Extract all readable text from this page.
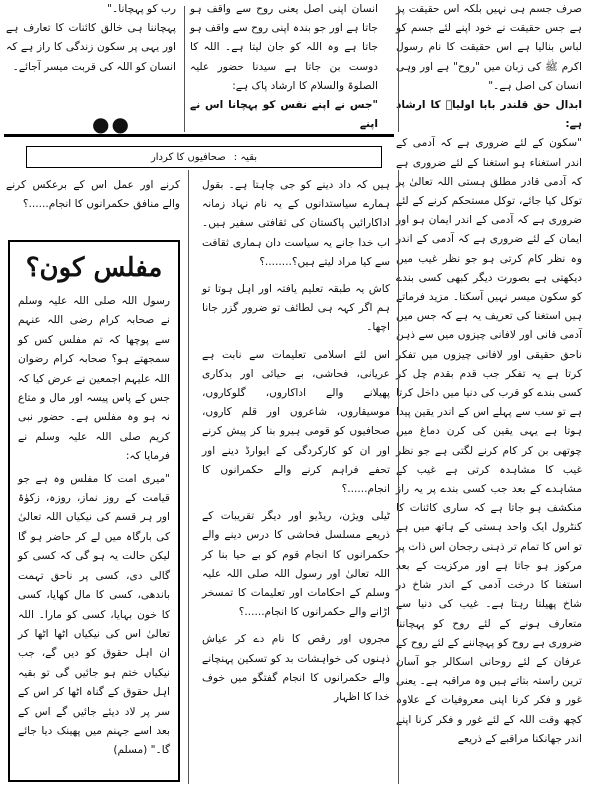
صرف جسم ہی نہیں بلکہ اس حقیقت پر ہے جس حقیقت نے خود اپنے لئے جسم کو لباس بنالیا ہے اس حقیقت کا نام رسول اکرم ﷺ کی زبان میں "روح" ہے اور وہی انسان کی اصل ہے۔"

ابدال حق قلندر بابا اولیاؒ کا ارشاد ہے:

"سکون کے لئے ضروری ہے کہ آدمی کے اندر استغناء ہو استغنا کے لئے ضروری ہے کہ آدمی قادر مطلق ہستی اللہ تعالیٰ پر توکل کیا جائے، توکل مستحکم کرنے کے لئے ضروری ہے کہ آدمی کے اندر ایمان ہو اور ایمان کے لئے ضروری ہے کہ آدمی کے اندر وہ نظر کام کرتی ہو جو نظر غیب میں دیکھتی ہے بصورت دیگر کبھی کسی بندے کو سکون میسر نہیں آسکتا۔ مزید فرماتے ہیں استغنا کی تعریف یہ ہے کہ جس میں آدمی فانی اور لافانی چیزوں میں سے ذہن ناحق حقیقی اور لافانی چیزوں میں تفکر کرتا ہے یہ تفکر جب قدم بقدم چل کر کسی بندے کو قرب کی دنیا میں داخل کرتا ہے تو سب سے پہلے اس کے اندر یقین پیدا ہوتا ہے یہی یقین کی کرن دماغ میں چوتھی بن کر کام کرنے لگتی ہے جو نظر غیب کا مشاہدہ کرتی ہے غیب کے مشاہدے کے بعد جب کسی بندے پر یہ راز منکشف ہو جاتا ہے کہ ساری کائنات کا کنٹرول ایک واحد ہستی کے ہاتھ میں ہے تو اس کا تمام تر ذہنی رجحان اس ذات پر مرکوز ہو جاتا ہے اور مرکزیت کے بعد استغنا کا درخت آدمی کے اندر شاخ در شاخ پھیلتا رہتا ہے۔ غیب کی دنیا سے متعارف ہونے کے لئے روح کو پہچاننا ضروری ہے روح کو پہچاننے کے لئے روح کے عرفان کے لئے روحانی اسکالر جو آسان ترین راستہ بتاتے ہیں وہ مراقبہ ہے۔ یعنی غور و فکر کرنا اپنی معروفیات کے علاوہ کچھ وقت اللہ کے لئے غور و فکر کرنا اپنے اندر جھانکنا مراقبے کے ذریعے

انسان اپنی اصل یعنی روح سے واقف ہو جاتا ہے اور جو بندہ اپنی روح سے واقف ہو جاتا ہے وہ اللہ کو جان لیتا ہے۔ اللہ کا دوست بن جاتا ہے سیدنا حضور علیہ الصلوۃ والسلام کا ارشاد پاک ہے:

"جس نے اپنے نفس کو پہچانا اس نے اپنے

رب کو پہچانا۔"

پہچاننا ہی خالق کائنات کا تعارف ہے اور یہی پر سکون زندگی کا راز ہے کہ انسان کو اللہ کی قربت میسر آجائے۔

●●
بقیہ :
صحافیوں کا کردار

ہیں کہ داد دینے کو جی چاہتا ہے۔ بقول ہمارے سیاستدانوں کے یہ نام نہاد زمانہ اداکارائیں پاکستان کی ثقافتی سفیر ہیں۔ اب خدا جانے یہ سیاست دان ہماری ثقافت سے کیا مراد لیتے ہیں؟........؟

کاش یہ طبقہ تعلیم یافتہ اور اہل ہوتا تو ہم اگر کہہ ہی لطائف تو ضرور گزر جانا اچھا۔

اس لئے اسلامی تعلیمات سے نابت ہے عریانی، فحاشی، بے حیائی اور بدکاری پھیلانے والے اداکاروں، گلوکاروں، موسیقاروں، شاعروں اور قلم کاروں، صحافیوں کو قومی ہیرو بنا کر پیش کرنے اور ان کو کارکردگی کے ایوارڈ دینے اور تحفے فراہم کرنے والے حکمرانوں کا انجام......؟

ٹیلی ویژن، ریڈیو اور دیگر تقریبات کے ذریعے مسلسل فحاشی کا درس دینے والے حکمرانوں کا انجام قوم کو بے حیا بنا کر اللہ تعالیٰ اور رسول اللہ صلی اللہ علیہ وسلم کے احکامات اور تعلیمات کا تمسخر اڑانے والے حکمرانوں کا انجام......؟

مجروں اور رقص کا نام دے کر عیاش ذہنوں کی خواہشات بد کو تسکین پہنچانے والے حکمرانوں کا انجام گفتگو میں خوف خدا کا اظہار

کرنے اور عمل اس کے برعکس کرنے والے منافق حکمرانوں کا انجام......؟

مفلس کون؟

رسول اللہ صلی اللہ علیہ وسلم نے صحابہ کرام رضی اللہ عنہم سے پوچھا کہ تم مفلس کس کو سمجھتے ہو؟ صحابہ کرام رضوان اللہ علیہم اجمعین نے عرض کیا کہ جس کے پاس پیسہ اور مال و متاع نہ ہو وہ مفلس ہے۔ حضور نبی کریم صلی اللہ علیہ وسلم نے فرمایا کہ:

"میری امت کا مفلس وہ ہے جو قیامت کے روز نماز، روزہ، زکوٰۃ اور ہر قسم کی نیکیاں اللہ تعالیٰ کی بارگاہ میں لے کر حاضر ہو گا لیکن حالت یہ ہو گی کہ کسی کو گالی دی، کسی پر ناحق تہمت باندھی، کسی کا مال کھایا، کسی کا خون بہایا، کسی کو مارا۔ اللہ تعالیٰ اس کی نیکیاں اٹھا اٹھا کر ان اہل حقوق کو دیں گے، جب نیکیاں ختم ہو جائیں گی تو بقیہ اہل حقوق کے گناہ اٹھا کر اس کے سر پر لاد دیئے جائیں گے اس کے بعد اسے جہنم میں پھینک دیا جائے گا۔" (مسلم)
